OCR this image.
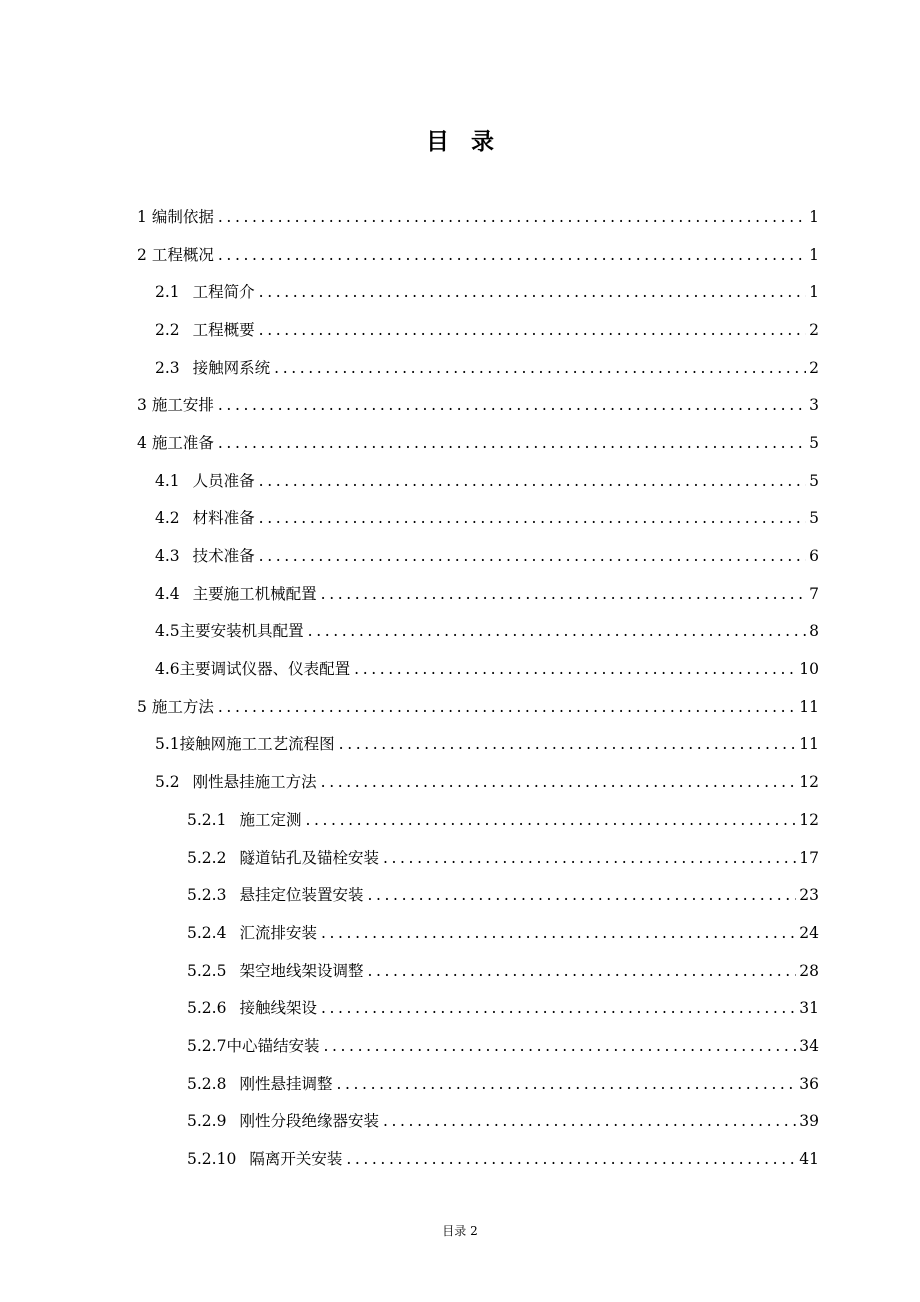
目录
1 编制依据 .....	1
2 工程概况 .....	1
2.1 工程简介 .....	1
2.2 工程概要 .....	2
2.3 接触网系统 .....	2
3 施工安排 .....	3
4 施工准备 .....	5
4.1 人员准备 .....	5
4.2 材料准备 .....	5
4.3 技术准备 .....	6
4.4 主要施工机械配置 .....	7
4.5 主要安装机具配置 .....	8
4.6 主要调试仪器、仪表配置 .....	10
5 施工方法 .....	11
5.1 接触网施工工艺流程图 .....	11
5.2 刚性悬挂施工方法 .....	12
5.2.1 施工定测 .....	12
5.2.2 隧道钻孔及锚栓安装 .....	17
5.2.3 悬挂定位装置安装 .....	23
5.2.4 汇流排安装 .....	24
5.2.5 架空地线架设调整 .....	28
5.2.6 接触线架设 .....	31
5.2.7 中心锚结安装 .....	34
5.2.8 刚性悬挂调整 .....	36
5.2.9 刚性分段绝缘器安装 .....	39
5.2.10 隔离开关安装 .....	41
目录 2
